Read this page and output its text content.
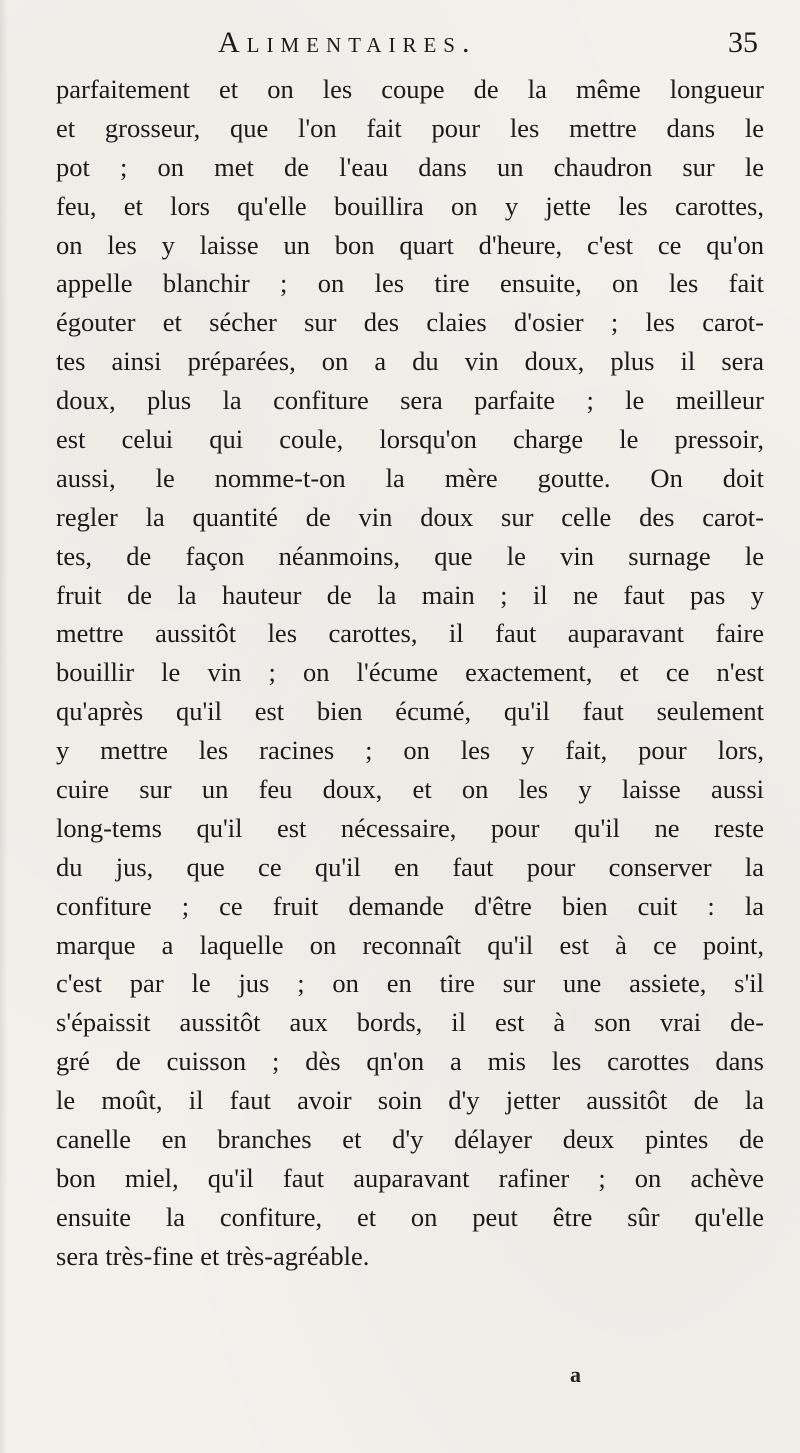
Alimentaires.	35
parfaitement et on les coupe de la même longueur
et grosseur, que l'on fait pour les mettre dans le
pot ; on met de l'eau dans un chaudron sur le
feu, et lors qu'elle bouillira on y jette les carottes,
on les y laisse un bon quart d'heure, c'est ce qu'on
appelle blanchir ; on les tire ensuite, on les fait
égouter et sécher sur des claies d'osier ; les carot-
tes ainsi préparées, on a du vin doux, plus il sera
doux, plus la confiture sera parfaite ; le meilleur
est celui qui coule, lorsqu'on charge le pressoir,
aussi, le nomme-t-on la mère goutte. On doit
regler la quantité de vin doux sur celle des carot-
tes, de façon néanmoins, que le vin surnage le
fruit de la hauteur de la main ; il ne faut pas y
mettre aussitôt les carottes, il faut auparavant faire
bouillir le vin ; on l'écume exactement, et ce n'est
qu'après qu'il est bien écumé, qu'il faut seulement
y mettre les racines ; on les y fait, pour lors,
cuire sur un feu doux, et on les y laisse aussi
long-tems qu'il est nécessaire, pour qu'il ne reste
du jus, que ce qu'il en faut pour conserver la
confiture ; ce fruit demande d'être bien cuit : la
marque a laquelle on reconnaît qu'il est à ce point,
c'est par le jus ; on en tire sur une assiete, s'il
s'épaissit aussitôt aux bords, il est à son vrai de-
gré de cuisson ; dès qn'on a mis les carottes dans
le moût, il faut avoir soin d'y jetter aussitôt de la
canelle en branches et d'y délayer deux pintes de
bon miel, qu'il faut auparavant rafiner ; on achève
ensuite la confiture, et on peut être sûr qu'elle
sera très-fine et très-agréable.
a
